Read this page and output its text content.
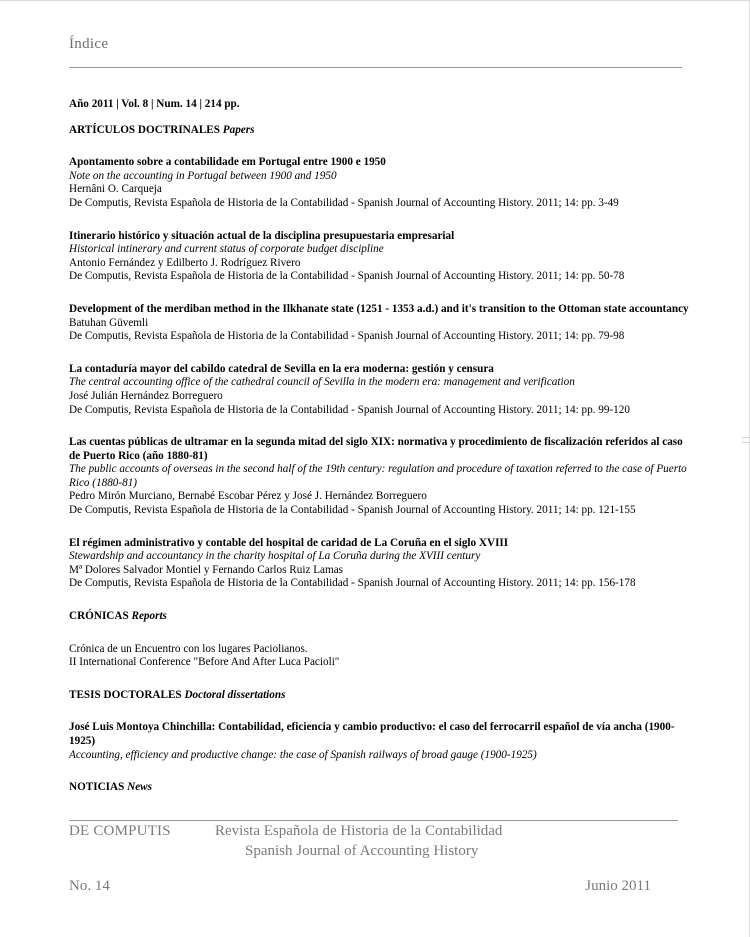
Índice
Año 2011 | Vol. 8 | Num. 14 | 214 pp.
ARTÍCULOS DOCTRINALES Papers
Apontamento sobre a contabilidade em Portugal entre 1900 e 1950
Note on the accounting in Portugal between 1900 and 1950
Hernâni O. Carqueja
De Computis, Revista Española de Historia de la Contabilidad - Spanish Journal of Accounting History. 2011; 14: pp. 3-49
Itinerario histórico y situación actual de la disciplina presupuestaria empresarial
Historical intinerary and current status of corporate budget discipline
Antonio Fernández y Edilberto J. Rodríguez Rivero
De Computis, Revista Española de Historia de la Contabilidad - Spanish Journal of Accounting History. 2011; 14: pp. 50-78
Development of the merdiban method in the Ilkhanate state (1251 - 1353 a.d.) and it's transition to the Ottoman state accountancy
Batuhan Güvemli
De Computis, Revista Española de Historia de la Contabilidad - Spanish Journal of Accounting History. 2011; 14: pp. 79-98
La contaduría mayor del cabildo catedral de Sevilla en la era moderna: gestión y censura
The central accounting office of the cathedral council of Sevilla in the modern era: management and verification
José Julián Hernández Borreguero
De Computis, Revista Española de Historia de la Contabilidad - Spanish Journal of Accounting History. 2011; 14: pp. 99-120
Las cuentas públicas de ultramar en la segunda mitad del siglo XIX: normativa y procedimiento de fiscalización referidos al caso de Puerto Rico (año 1880-81)
The public accounts of overseas in the second half of the 19th century: regulation and procedure of taxation referred to the case of Puerto Rico (1880-81)
Pedro Mirón Murciano, Bernabé Escobar Pérez y José J. Hernández Borreguero
De Computis, Revista Española de Historia de la Contabilidad - Spanish Journal of Accounting History. 2011; 14: pp. 121-155
El régimen administrativo y contable del hospital de caridad de La Coruña en el siglo XVIII
Stewardship and accountancy in the charity hospital of La Coruña during the XVIII century
Mª Dolores Salvador Montiel y Fernando Carlos Ruiz Lamas
De Computis, Revista Española de Historia de la Contabilidad - Spanish Journal of Accounting History. 2011; 14: pp. 156-178
CRÓNICAS Reports
Crónica de un Encuentro con los lugares Paciolianos.
II International Conference "Before And After Luca Pacioli"
TESIS DOCTORALES Doctoral dissertations
José Luis Montoya Chinchilla: Contabilidad, eficiencia y cambio productivo: el caso del ferrocarril español de vía ancha (1900-1925)
Accounting, efficiency and productive change: the case of Spanish railways of broad gauge (1900-1925)
NOTICIAS News
DE COMPUTIS	Revista Española de Historia de la Contabilidad
Spanish Journal of Accounting History
No. 14	Junio 2011
